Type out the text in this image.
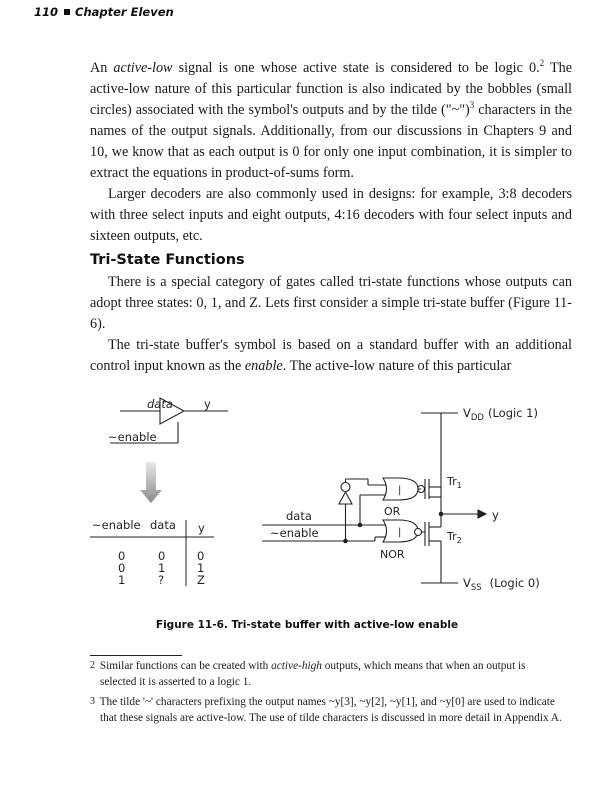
110 Chapter Eleven

An active-low signal is one whose active state is considered to be logic 0.$^2$ The active-low nature of this particular function is also indicated by the bobbles (small circles) associated with the symbol's outputs and by the tilde ("~")$^3$ characters in the names of the output signals. Additionally, from our discussions in Chapters 9 and 10, we know that as each output is 0 for only one input combination, it is simpler to extract the equations in product-of-sums form.

Larger decoders are also commonly used in designs: for example, 3:8 decoders with three select inputs and eight outputs, 4:16 decoders with four select inputs and sixteen outputs, etc.

Tri-State Functions

There is a special category of gates called tri-state functions whose outputs can adopt three states: 0, 1, and Z. Lets first consider a simple tri-state buffer (Figure 11-6).

The tri-state buffer's symbol is based on a standard buffer with an additional control input known as the enable. The active-low nature of this particular

data	y
~enable
~enable data y
0	0	0
0	1	1
1	?	Z
|
|
OR
NOR
data
~enable
y
$Tr_1$
$Tr_2$
$V_{DD}$ (Logic 1)
$V_{SS}$ (Logic 0)
Figure 11-6. Tri-state buffer with active-low enable

2 Similar functions can be created with active-high outputs, which means that when an output is selected it is asserted to a logic 1.

3 The tilde '~' characters prefixing the output names ~y[3], ~y[2], ~y[1], and ~y[0] are used to indicate that these signals are active-low. The use of tilde characters is discussed in more detail in Appendix A.
